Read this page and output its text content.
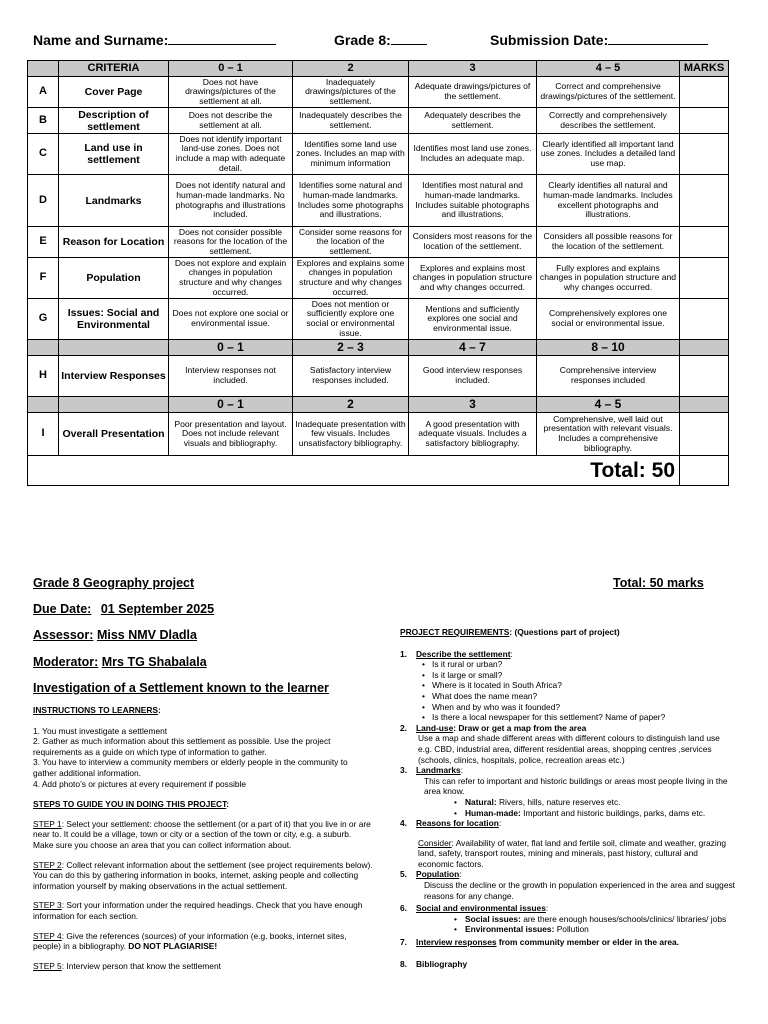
Name and Surname:	Grade 8:	Submission Date:
	CRITERIA	0 – 1	2	3	4 – 5	MARKS
A	Cover Page	Does not have drawings/pictures of the settlement at all.	Inadequately drawings/pictures of the settlement.	Adequate drawings/pictures of the settlement.	Correct and comprehensive drawings/pictures of the settlement.	
B	Description of settlement	Does not describe the settlement at all.	Inadequately describes the settlement.	Adequately describes the settlement.	Correctly and comprehensively describes the settlement.	
C	Land use in settlement	Does not identify important land-use zones. Does not include a map with adequate detail.	Identifies some land use zones. Includes an map with minimum information	Identifies most land use zones. Includes an adequate map.	Clearly identified all important land use zones. Includes a detailed land use map.	
D	Landmarks	Does not identify natural and human-made landmarks. No photographs and illustrations included.	Identifies some natural and human-made landmarks. Includes some photographs and illustrations.	Identifies most natural and human-made landmarks. Includes suitable photographs and illustrations.	Clearly identifies all natural and human-made landmarks. Includes excellent photographs and illustrations.	
E	Reason for Location	Does not consider possible reasons for the location of the settlement.	Consider some reasons for the location of the settlement.	Considers most reasons for the location of the settlement.	Considers all possible reasons for the location of the settlement.	
F	Population	Does not explore and explain changes in population structure and why changes occurred.	Explores and explains some changes in population structure and why changes occurred.	Explores and explains most changes in population structure and why changes occurred.	Fully explores and explains changes in population structure and why changes occurred.	
G	Issues: Social and Environmental	Does not explore one social or environmental issue.	Does not mention or sufficiently explore one social or environmental issue.	Mentions and sufficiently explores one social and environmental issue.	Comprehensively explores one social or environmental issue.	
		0 – 1	2 – 3	4 – 7	8 – 10	
H	Interview Responses	Interview responses not included.	Satisfactory interview responses included.	Good interview responses included.	Comprehensive interview responses included	
		0 – 1	2	3	4 – 5	
I	Overall Presentation	Poor presentation and layout. Does not include relevant visuals and bibliography.	Inadequate presentation with few visuals. Includes unsatisfactory bibliography.	A good presentation with adequate visuals. Includes a satisfactory bibliography.	Comprehensive, well laid out presentation with relevant visuals. Includes a comprehensive bibliography.	
Total: 50						
Grade 8 Geography project	Total: 50 marks
Due Date: 01 September 2025
Assessor: Miss NMV Dladla
Moderator: Mrs TG Shabalala
Investigation of a Settlement known to the learner
INSTRUCTIONS TO LEARNERS:

1. You must investigate a settlement

2. Gather as much information about this settlement as possible. Use the project requirements as a guide on which type of information to gather.

3. You have to interview a community members or elderly people in the community to gather additional information.

4. Add photo’s or pictures at every requirement if possible

STEPS TO GUIDE YOU IN DOING THIS PROJECT:

STEP 1: Select your settlement: choose the settlement (or a part of it) that you live in or are near to. It could be a village, town or city or a section of the town or city, e.g. a suburb. Make sure you choose an area that you can collect information about.

STEP 2: Collect relevant information about the settlement (see project requirements below). You can do this by gathering information in books, internet, asking people and collecting information yourself by making observations in the actual settlement.

STEP 3: Sort your information under the required headings. Check that you have enough information for each section.

STEP 4: Give the references (sources) of your information (e.g. books, internet sites, people) in a bibliography. DO NOT PLAGIARISE!

STEP 5: Interview person that know the settlement

PROJECT REQUIREMENTS: (Questions part of project)
1. Describe the settlement:
• Is it rural or urban?
• Is it large or small?
• Where is it located in South Africa?
• What does the name mean?
• When and by who was it founded?
• Is there a local newspaper for this settlement? Name of paper?
2. Land-use: Draw or get a map from the area
Use a map and shade different areas with different colours to distinguish land use e.g. CBD, industrial area, different residential areas, shopping centres ,services (schools, clinics, hospitals, police, recreation areas etc.)
3. Landmarks:
This can refer to important and historic buildings or areas most people living in the area know.
• Natural: Rivers, hills, nature reserves etc.
• Human-made: Important and historic buildings, parks, dams etc.
4. Reasons for location:
Consider: Availability of water, flat land and fertile soil, climate and weather, grazing land, safety, transport routes, mining and minerals, past history, cultural and economic factors.
5. Population:
Discuss the decline or the growth in population experienced in the area and suggest reasons for any change.
6. Social and environmental issues:
• Social issues: are there enough houses/schools/clinics/ libraries/ jobs
• Environmental issues: Pollution
7. Interview responses from community member or elder in the area.
8. Bibliography
